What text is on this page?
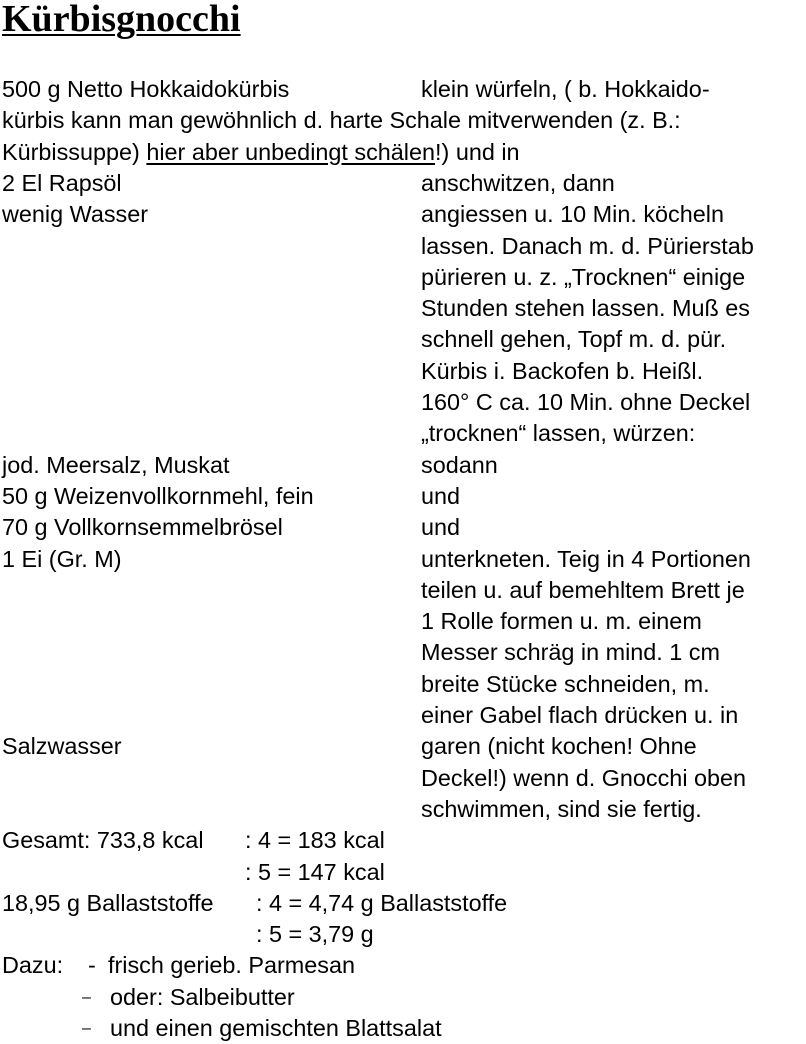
Kürbisgnocchi
500 g Netto Hokkaidokürbis	klein würfeln, ( b. Hokkaido-
kürbis kann man gewöhnlich d. harte Schale mitverwenden (z. B.:
Kürbissuppe) hier aber unbedingt schälen!) und in
2 El Rapsöl	anschwitzen, dann
wenig Wasser	angiessen u. 10 Min. köcheln
lassen. Danach m. d. Pürierstab
pürieren u. z. „Trocknen“ einige
Stunden stehen lassen. Muß es
schnell gehen, Topf m. d. pür.
Kürbis i. Backofen b. Heißl.
160° C ca. 10 Min. ohne Deckel
„trocknen“ lassen, würzen:
jod. Meersalz, Muskat	sodann
50 g Weizenvollkornmehl, fein	und
70 g Vollkornsemmelbrösel	und
1 Ei (Gr. M)	unterkneten. Teig in 4 Portionen
teilen u. auf bemehltem Brett je
1 Rolle formen u. m. einem
Messer schräg in mind. 1 cm
breite Stücke schneiden, m.
einer Gabel flach drücken u. in
Salzwasser	garen (nicht kochen! Ohne
Deckel!) wenn d. Gnocchi oben
schwimmen, sind sie fertig.
Gesamt: 733,8 kcal : 4 = 183 kcal
: 5 = 147 kcal
18,95 g Ballaststoffe : 4 = 4,74 g Ballaststoffe
: 5 = 3,79 g
Dazu: - frisch gerieb. Parmesan
– oder: Salbeibutter
– und einen gemischten Blattsalat
